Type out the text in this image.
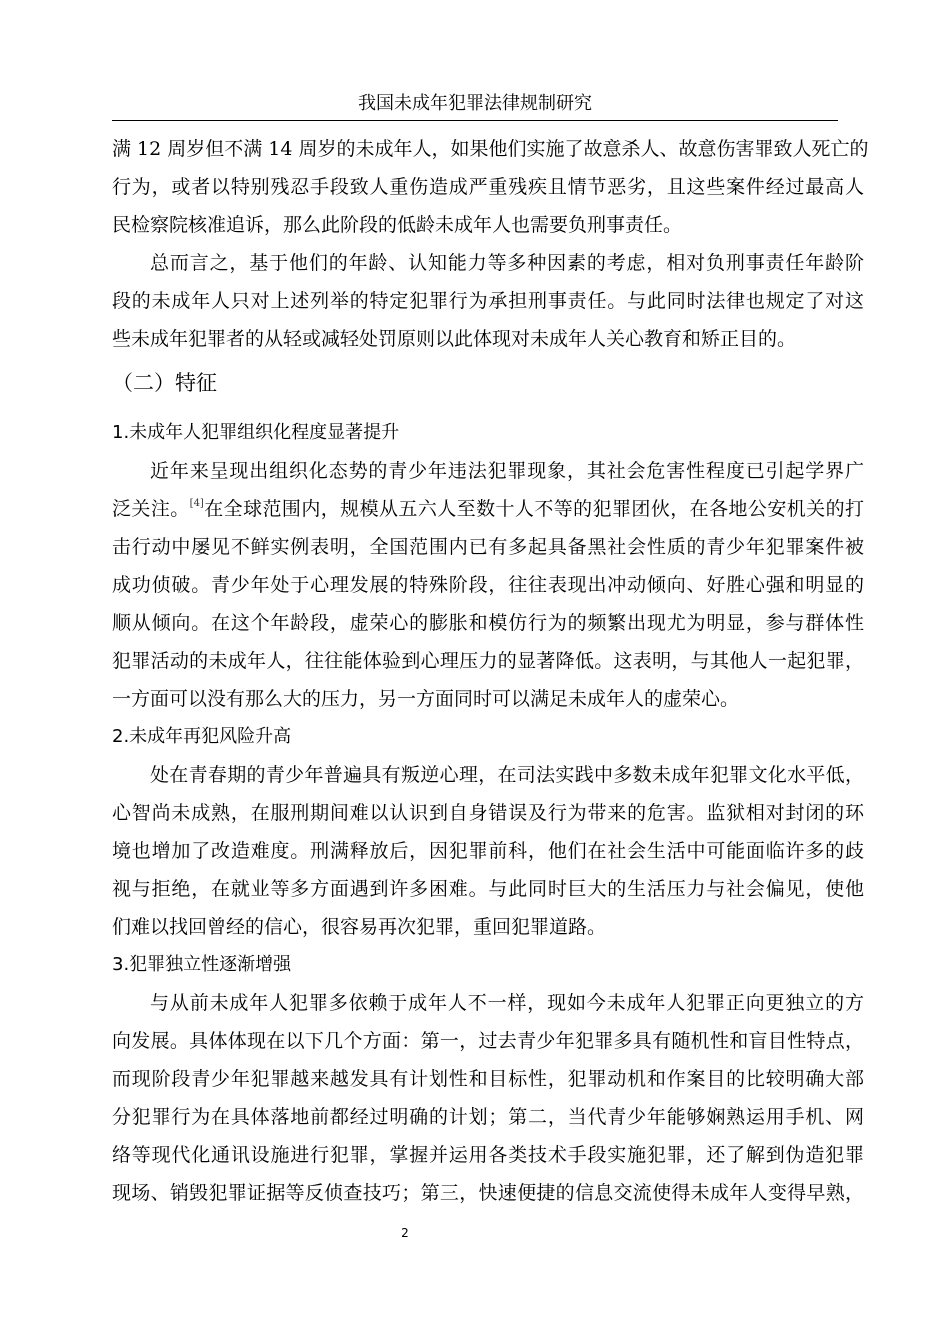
我国未成年犯罪法律规制研究
满 12 周岁但不满 14 周岁的未成年人，如果他们实施了故意杀人、故意伤害罪致人死亡的
行为，或者以特别残忍手段致人重伤造成严重残疾且情节恶劣，且这些案件经过最高人
民检察院核准追诉，那么此阶段的低龄未成年人也需要负刑事责任。
总而言之，基于他们的年龄、认知能力等多种因素的考虑，相对负刑事责任年龄阶
段的未成年人只对上述列举的特定犯罪行为承担刑事责任。与此同时法律也规定了对这
些未成年犯罪者的从轻或减轻处罚原则以此体现对未成年人关心教育和矫正目的。
（二）特征
1.未成年人犯罪组织化程度显著提升
近年来呈现出组织化态势的青少年违法犯罪现象，其社会危害性程度已引起学界广
泛关注。[4]在全球范围内，规模从五六人至数十人不等的犯罪团伙，在各地公安机关的打
击行动中屡见不鲜实例表明，全国范围内已有多起具备黑社会性质的青少年犯罪案件被
成功侦破。青少年处于心理发展的特殊阶段，往往表现出冲动倾向、好胜心强和明显的
顺从倾向。在这个年龄段，虚荣心的膨胀和模仿行为的频繁出现尤为明显，参与群体性
犯罪活动的未成年人，往往能体验到心理压力的显著降低。这表明，与其他人一起犯罪，
一方面可以没有那么大的压力，另一方面同时可以满足未成年人的虚荣心。
2.未成年再犯风险升高
处在青春期的青少年普遍具有叛逆心理，在司法实践中多数未成年犯罪文化水平低，
心智尚未成熟，在服刑期间难以认识到自身错误及行为带来的危害。监狱相对封闭的环
境也增加了改造难度。刑满释放后，因犯罪前科，他们在社会生活中可能面临许多的歧
视与拒绝，在就业等多方面遇到许多困难。与此同时巨大的生活压力与社会偏见，使他
们难以找回曾经的信心，很容易再次犯罪，重回犯罪道路。
3.犯罪独立性逐渐增强
与从前未成年人犯罪多依赖于成年人不一样，现如今未成年人犯罪正向更独立的方
向发展。具体体现在以下几个方面：第一，过去青少年犯罪多具有随机性和盲目性特点，
而现阶段青少年犯罪越来越发具有计划性和目标性，犯罪动机和作案目的比较明确大部
分犯罪行为在具体落地前都经过明确的计划；第二，当代青少年能够娴熟运用手机、网
络等现代化通讯设施进行犯罪，掌握并运用各类技术手段实施犯罪，还了解到伪造犯罪
现场、销毁犯罪证据等反侦查技巧；第三，快速便捷的信息交流使得未成年人变得早熟，
2
